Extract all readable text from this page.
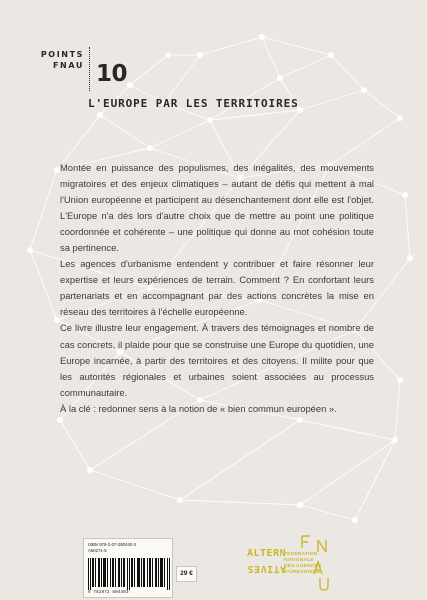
POINTS
FNAU 10
L'EUROPE PAR LES TERRITOIRES

Montée en puissance des populismes, des inégalités, des mouvements migratoires et des enjeux climatiques – autant de défis qui mettent à mal l'Union européenne et participent au désenchantement dont elle est l'objet. L'Europe n'a dès lors d'autre choix que de mettre au point une politique coordonnée et cohérente – une politique qui donne au mot cohésion toute sa pertinence.

Les agences d'urbanisme entendent y contribuer et faire résonner leur expertise et leurs expériences de terrain. Comment ? En confortant leurs partenariats et en accompagnant par des actions concrètes la mise en réseau des territoires à l'échelle européenne.

Ce livre illustre leur engagement. À travers des témoignages et nombre de cas concrets, il plaide pour que se construise une Europe du quotidien, une Europe incarnée, à partir des territoires et des citoyens. Il milite pour que les autorités régionales et urbaines soient associées au processus communautaire.

À la clé : redonner sens à la notion de « bien commun européen ».

ISBN 978-2-07-280440-3
A50271-5
9 782072 804403
29 €
ALTERN
ATIVES
FÉDÉRATION
NATIONALE
DES AGENCES
D'URBANISME
